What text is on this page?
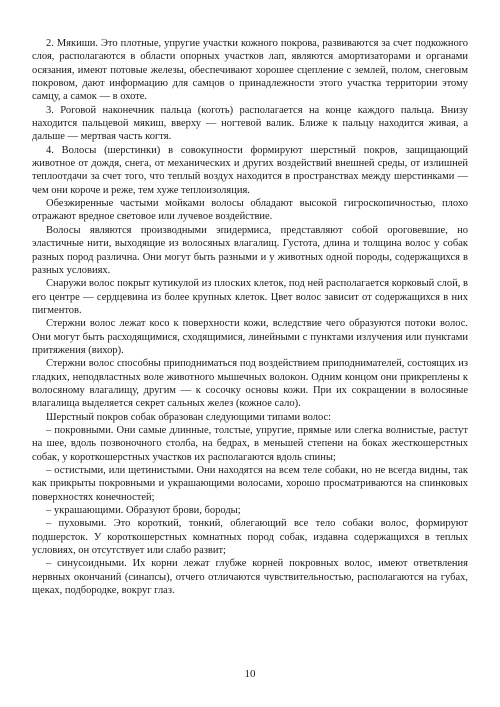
2. Мякиши. Это плотные, упругие участки кожного покрова, развиваются за счет подкожного слоя, располагаются в области опорных участков лап, являются амортизаторами и органами осязания, имеют потовые железы, обеспечивают хорошее сцепление с землей, полом, снеговым покровом, дают информацию для самцов о принадлежности этого участка территории этому самцу, а самок — в охоте.

3. Роговой наконечник пальца (коготь) располагается на конце каждого пальца. Внизу находится пальцевой мякиш, вверху — ногтевой валик. Ближе к пальцу находится живая, а дальше — мертвая часть когтя.

4. Волосы (шерстинки) в совокупности формируют шерстный покров, защищающий животное от дождя, снега, от механических и других воздействий внешней среды, от излишней теплоотдачи за счет того, что теплый воздух находится в пространствах между шерстинками — чем они короче и реже, тем хуже теплоизоляция.

Обезжиренные частыми мойками волосы обладают высокой гигроскопичностью, плохо отражают вредное световое или лучевое воздействие.

Волосы являются производными эпидермиса, представляют собой ороговевшие, но эластичные нити, выходящие из волосяных влагалищ. Густота, длина и толщина волос у собак разных пород различна. Они могут быть разными и у животных одной породы, содержащихся в разных условиях.

Снаружи волос покрыт кутикулой из плоских клеток, под ней располагается корковый слой, в его центре — сердцевина из более крупных клеток. Цвет волос зависит от содержащихся в них пигментов.

Стержни волос лежат косо к поверхности кожи, вследствие чего образуются потоки волос. Они могут быть расходящимися, сходящимися, линейными с пунктами излучения или пунктами притяжения (вихор).

Стержни волос способны приподниматься под воздействием приподнимателей, состоящих из гладких, неподвластных воле животного мышечных волокон. Одним концом они прикреплены к волосяному влагалищу, другим — к сосочку основы кожи. При их сокращении в волосяные влагалища выделяется секрет сальных желез (кожное сало).

Шерстный покров собак образован следующими типами волос:

– покровными. Они самые длинные, толстые, упругие, прямые или слегка волнистые, растут на шее, вдоль позвоночного столба, на бедрах, в меньшей степени на боках жесткошерстных собак, у короткошерстных участков их располагаются вдоль спины;

– остистыми, или щетинистыми. Они находятся на всем теле собаки, но не всегда видны, так как прикрыты покровными и украшающими волосами, хорошо просматриваются на спинковых поверхностях конечностей;

– украшающими. Образуют брови, бороды;

– пуховыми. Это короткий, тонкий, облегающий все тело собаки волос, формируют подшерсток. У короткошерстных комнатных пород собак, издавна содержащихся в теплых условиях, он отсутствует или слабо развит;

– синусоидными. Их корни лежат глубже корней покровных волос, имеют ответвления нервных окончаний (синапсы), отчего отличаются чувствительностью, располагаются на губах, щеках, подбородке, вокруг глаз.

10
